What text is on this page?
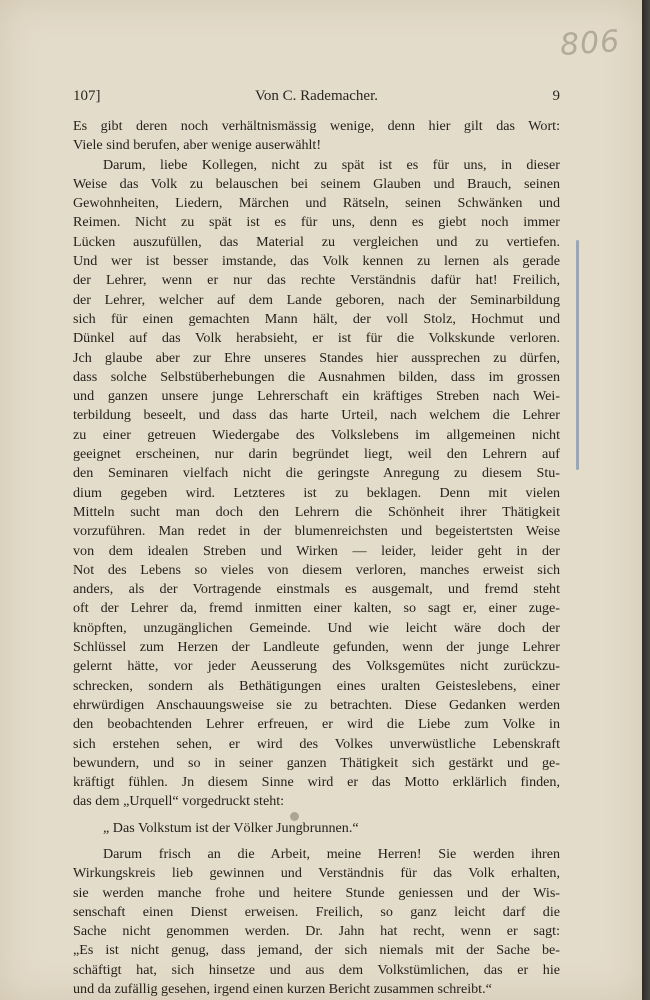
806
107]	Von C. Rademacher.	9
Es gibt deren noch verhältnismässig wenige, denn hier gilt das Wort:
Viele sind berufen, aber wenige auserwählt!
Darum, liebe Kollegen, nicht zu spät ist es für uns, in dieser
Weise das Volk zu belauschen bei seinem Glauben und Brauch, seinen
Gewohnheiten, Liedern, Märchen und Rätseln, seinen Schwänken und
Reimen. Nicht zu spät ist es für uns, denn es giebt noch immer
Lücken auszufüllen, das Material zu vergleichen und zu vertiefen.
Und wer ist besser imstande, das Volk kennen zu lernen als gerade
der Lehrer, wenn er nur das rechte Verständnis dafür hat! Freilich,
der Lehrer, welcher auf dem Lande geboren, nach der Seminarbildung
sich für einen gemachten Mann hält, der voll Stolz, Hochmut und
Dünkel auf das Volk herabsieht, er ist für die Volkskunde verloren.
Jch glaube aber zur Ehre unseres Standes hier aussprechen zu dürfen,
dass solche Selbstüberhebungen die Ausnahmen bilden, dass im grossen
und ganzen unsere junge Lehrerschaft ein kräftiges Streben nach Wei-
terbildung beseelt, und dass das harte Urteil, nach welchem die Lehrer
zu einer getreuen Wiedergabe des Volkslebens im allgemeinen nicht
geeignet erscheinen, nur darin begründet liegt, weil den Lehrern auf
den Seminaren vielfach nicht die geringste Anregung zu diesem Stu-
dium gegeben wird. Letzteres ist zu beklagen. Denn mit vielen
Mitteln sucht man doch den Lehrern die Schönheit ihrer Thätigkeit
vorzuführen. Man redet in der blumenreichsten und begeistertsten Weise
von dem idealen Streben und Wirken — leider, leider geht in der
Not des Lebens so vieles von diesem verloren, manches erweist sich
anders, als der Vortragende einstmals es ausgemalt, und fremd steht
oft der Lehrer da, fremd inmitten einer kalten, so sagt er, einer zuge-
knöpften, unzugänglichen Gemeinde. Und wie leicht wäre doch der
Schlüssel zum Herzen der Landleute gefunden, wenn der junge Lehrer
gelernt hätte, vor jeder Aeusserung des Volksgemütes nicht zurückzu-
schrecken, sondern als Bethätigungen eines uralten Geisteslebens, einer
ehrwürdigen Anschauungsweise sie zu betrachten. Diese Gedanken werden
den beobachtenden Lehrer erfreuen, er wird die Liebe zum Volke in
sich erstehen sehen, er wird des Volkes unverwüstliche Lebenskraft
bewundern, und so in seiner ganzen Thätigkeit sich gestärkt und ge-
kräftigt fühlen. Jn diesem Sinne wird er das Motto erklärlich finden,
das dem „Urquell“ vorgedruckt steht:
„ Das Volkstum ist der Völker Jungbrunnen.“
Darum frisch an die Arbeit, meine Herren! Sie werden ihren
Wirkungskreis lieb gewinnen und Verständnis für das Volk erhalten,
sie werden manche frohe und heitere Stunde geniessen und der Wis-
senschaft einen Dienst erweisen. Freilich, so ganz leicht darf die
Sache nicht genommen werden. Dr. Jahn hat recht, wenn er sagt:
„Es ist nicht genug, dass jemand, der sich niemals mit der Sache be-
schäftigt hat, sich hinsetze und aus dem Volkstümlichen, das er hie
und da zufällig gesehen, irgend einen kurzen Bericht zusammen schreibt.“
